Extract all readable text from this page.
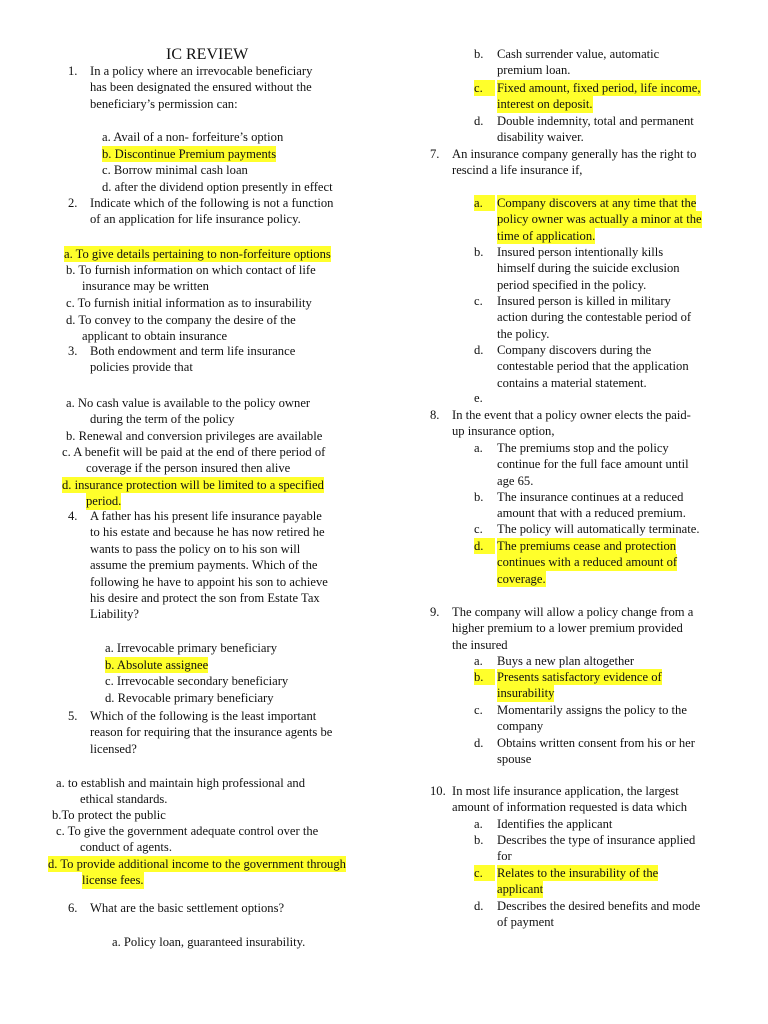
IC REVIEW
1. In a policy where an irrevocable beneficiary
has been designated the ensured without the
beneficiary’s permission can:
a. Avail of a non- forfeiture’s option
b. Discontinue Premium payments
c. Borrow minimal cash loan
d. after the dividend option presently in effect
2. Indicate which of the following is not a function
of an application for life insurance policy.
a. To give details pertaining to non-forfeiture options
b. To furnish information on which contact of life
insurance may be written
c. To furnish initial information as to insurability
d. To convey to the company the desire of the
applicant to obtain insurance
3. Both endowment and term life insurance
policies provide that
a. No cash value is available to the policy owner
during the term of the policy
b. Renewal and conversion privileges are available
c. A benefit will be paid at the end of there period of
coverage if the person insured then alive
d. insurance protection will be limited to a specified
period.
4. A father has his present life insurance payable
to his estate and because he has now retired he
wants to pass the policy on to his son will
assume the premium payments. Which of the
following he have to appoint his son to achieve
his desire and protect the son from Estate Tax
Liability?
a. Irrevocable primary beneficiary
b. Absolute assignee
c. Irrevocable secondary beneficiary
d. Revocable primary beneficiary
5. Which of the following is the least important
reason for requiring that the insurance agents be
licensed?
a. to establish and maintain high professional and
ethical standards.
b.To protect the public
c. To give the government adequate control over the
conduct of agents.
d. To provide additional income to the government through
license fees.
6. What are the basic settlement options?
a. Policy loan, guaranteed insurability.
b.	Cash surrender value, automatic
premium loan.
c.	Fixed amount, fixed period, life income,
interest on deposit.
d.	Double indemnity, total and permanent
disability waiver.
7. An insurance company generally has the right to
rescind a life insurance if,
a.	Company discovers at any time that the
policy owner was actually a minor at the
time of application.
b.	Insured person intentionally kills
himself during the suicide exclusion
period specified in the policy.
c.	Insured person is killed in military
action during the contestable period of
the policy.
d.	Company discovers during the
contestable period that the application
contains a material statement.
e.
8. In the event that a policy owner elects the paid-
up insurance option,
a.	The premiums stop and the policy
continue for the full face amount until
age 65.
b.	The insurance continues at a reduced
amount that with a reduced premium.
c.	The policy will automatically terminate.
d.	The premiums cease and protection
continues with a reduced amount of
coverage.
9. The company will allow a policy change from a
higher premium to a lower premium provided
the insured
a.	Buys a new plan altogether
b.	Presents satisfactory evidence of
insurability
c.	Momentarily assigns the policy to the
company
d.	Obtains written consent from his or her
spouse
10. In most life insurance application, the largest
amount of information requested is data which
a.	Identifies the applicant
b.	Describes the type of insurance applied
for
c.	Relates to the insurability of the
applicant
d.	Describes the desired benefits and mode
of payment
